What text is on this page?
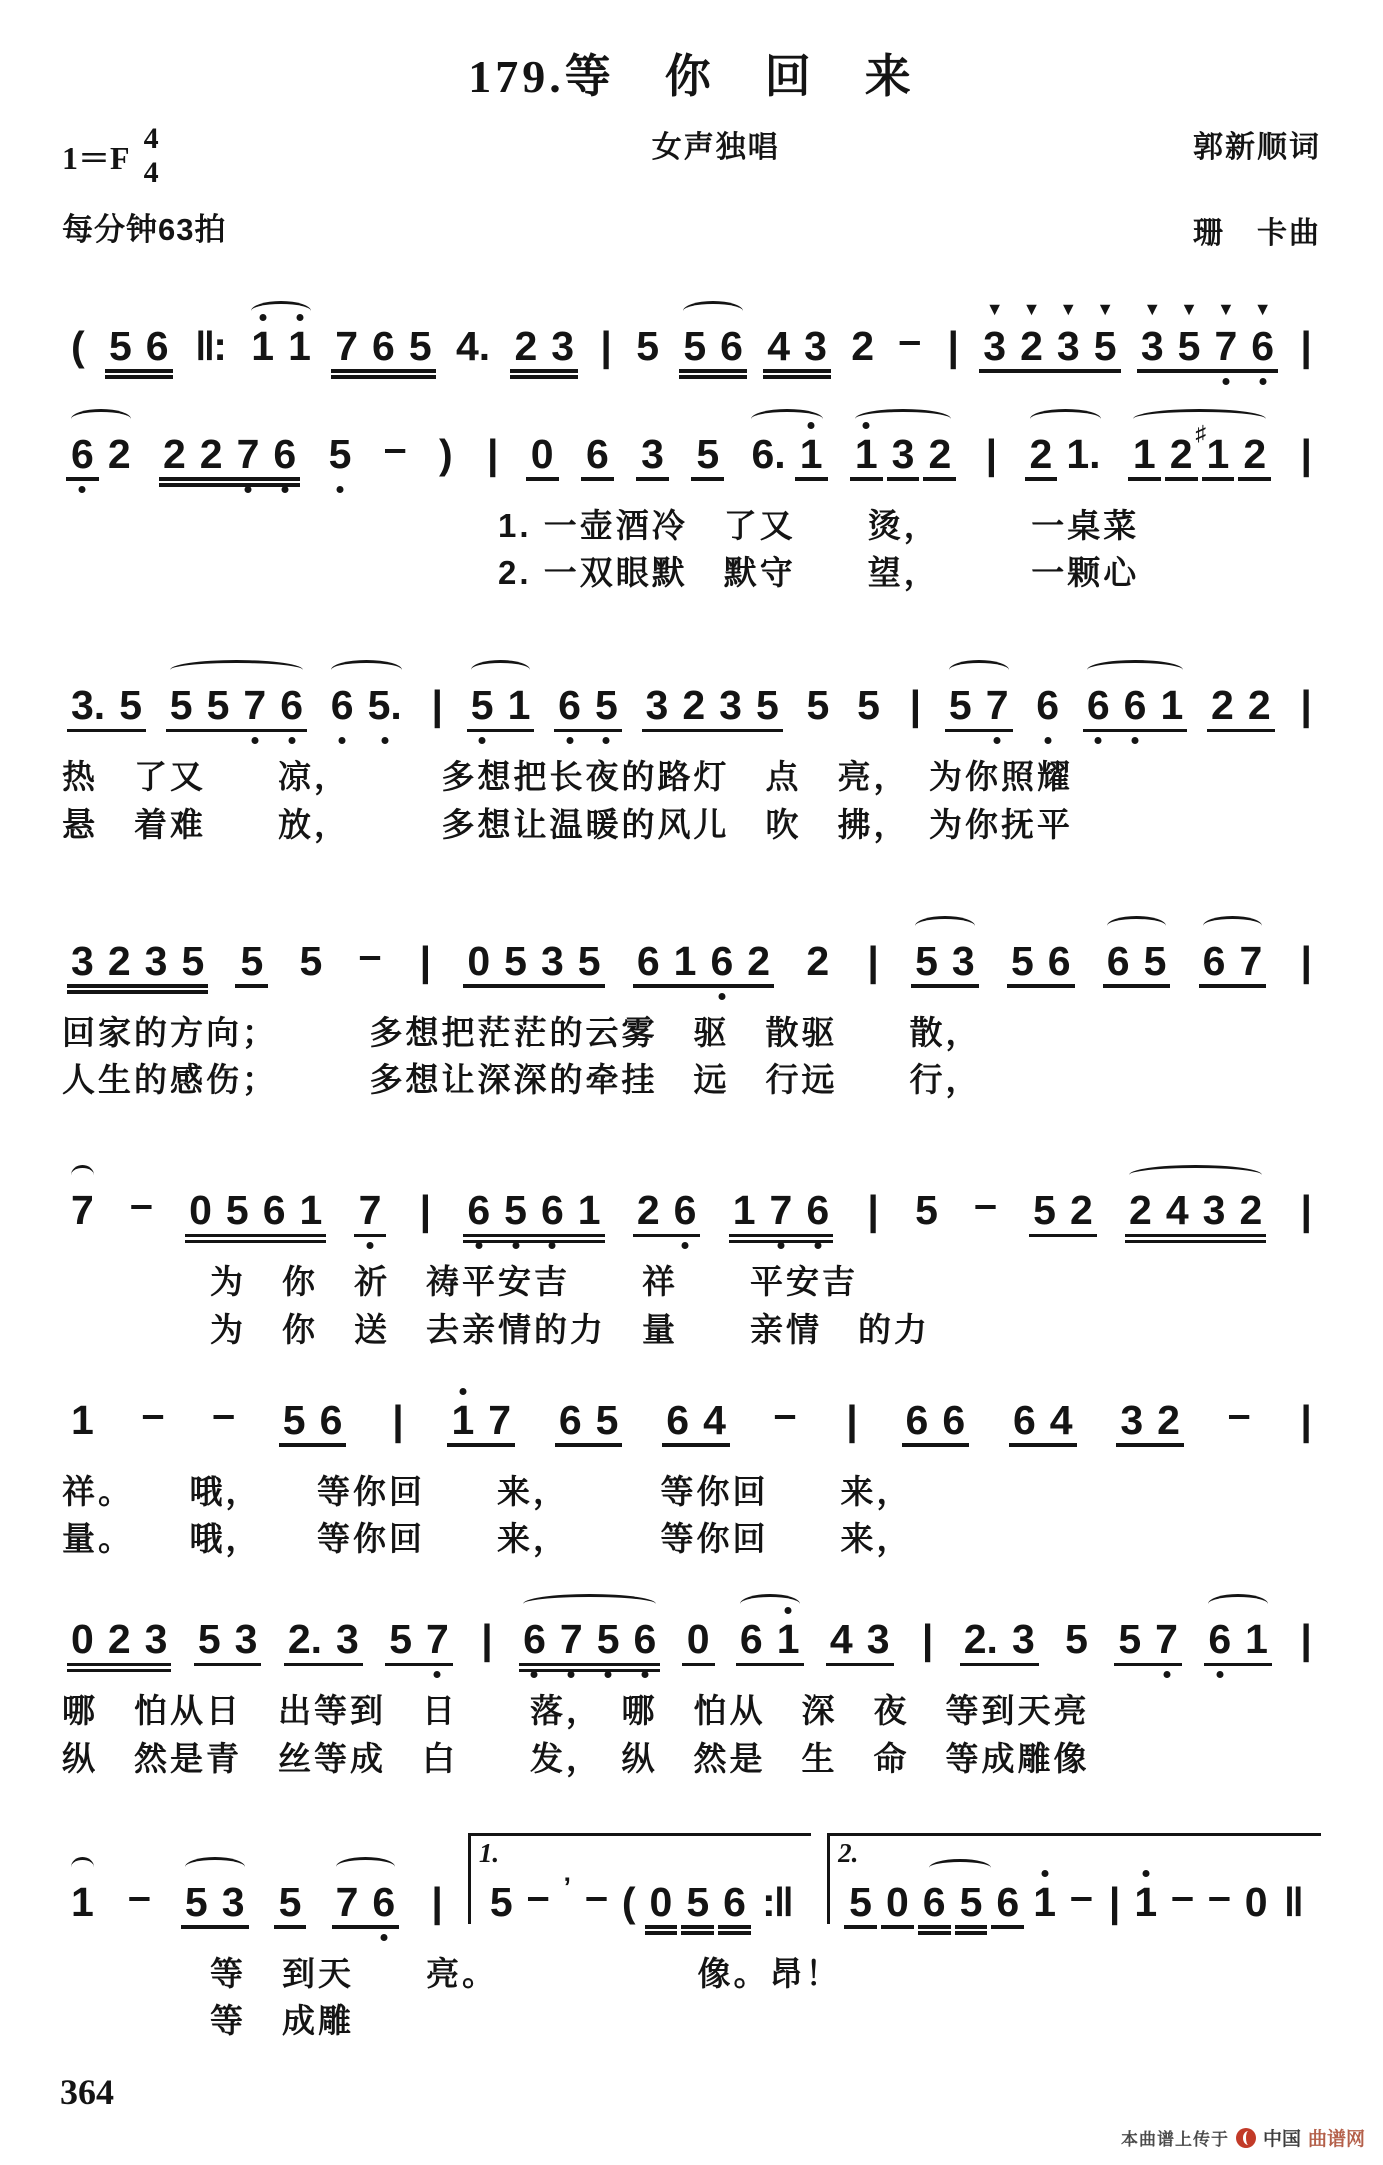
179.等　你　回　来
1＝F
4
4
女声独唱	郭新顺词
每分钟63拍	珊　卡曲
( 5 6 ‖: 1 1 7 6 5 4. 2 3 | 5 5 6 4 3 2 – | 3
▼
2
▼
3
▼
5
▼
3
▼
5
▼
7
▼
6
▼
|
6 2 2 2 7 6 5 – ) | 0 6 3 5 6. 1 1 3 2 | 2 1. 1 2 1
♯ 2 |
1. 一壶酒冷　了又　　烫，　　　一桌菜
2. 一双眼默　默守　　望，　　　一颗心
3. 5 5 5 7 6 6 5. | 5 1 6 5 3 2 3 5 5 5 | 5 7 6 6 6 1 2 2 |
热　了又　　凉，　　　多想把长夜的路灯　点　亮，　为你照耀
悬　着难　　放，　　　多想让温暖的风儿　吹　拂，　为你抚平
3 2 3 5 5 5 – | 0 5 3 5 6 1 6 2 2 | 5 3 5 6 6 5 6 7 |
回家的方向；　　　多想把茫茫的云雾　驱　散驱　　散，
人生的感伤；　　　多想让深深的牵挂　远　行远　　行，
7 – 0 5 6 1 7 | 6 5 6 1 2 6 1 7 6 | 5 – 5 2 2 4 3 2 |
为　你　祈　祷平安吉　　祥　　平安吉
为　你　送　去亲情的力　量　　亲情　的力
1 – – 5 6 | 1 7 6 5 6 4 – | 6 6 6 4 3 2 – |
祥。　　哦，　　等你回　　来，　　　等你回　　来，
量。　　哦，　　等你回　　来，　　　等你回　　来，
0 2 3 5 3 2. 3 5 7 | 6 7 5 6 0 6 1 4 3 | 2. 3 5 5 7 6 1 |
哪　怕从日　出等到　日　　落，　哪　怕从　深　夜　等到天亮
纵　然是青　丝等成　白　　发，　纵　然是　生　命　等成雕像
1 – 5 3 5 7 6 |
1.
5 – ’ – ( 0 5 6 :‖
2.
5 0 6 5 6 1 – | 1 – – 0 ‖
等　到天　　亮。　　　　　　像。昂！
等　成雕
364
本曲谱上传于 中国 曲谱网
